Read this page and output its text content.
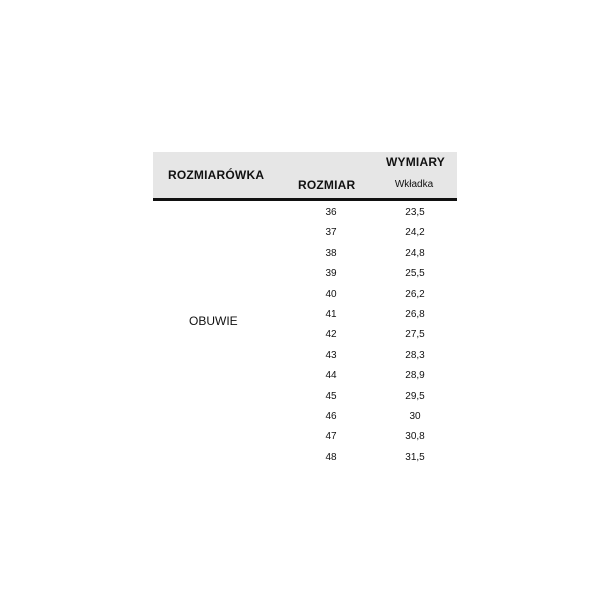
ROZMIARÓWKA
WYMIARY
ROZMIAR	Wkładka
OBUWIE
36	23,5
37	24,2
38	24,8
39	25,5
40	26,2
41	26,8
42	27,5
43	28,3
44	28,9
45	29,5
46	30
47	30,8
48	31,5
